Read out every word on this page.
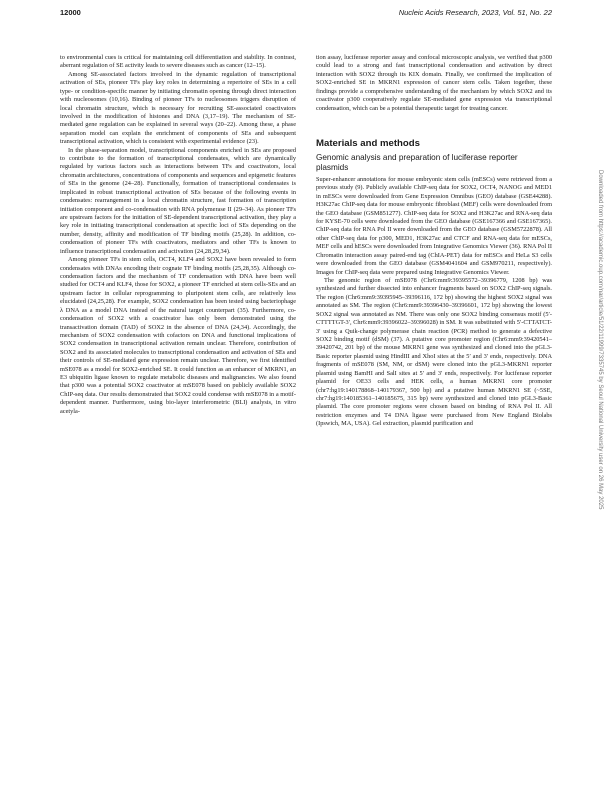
12000	Nucleic Acids Research, 2023, Vol. 51, No. 22

to environmental cues is critical for maintaining cell differentiation and stability. In contrast, aberrant regulation of SE activity leads to severe diseases such as cancer (12–15).

Among SE-associated factors involved in the dynamic regulation of transcriptional activation of SEs, pioneer TFs play key roles in determining a repertoire of SEs in a cell type- or condition-specific manner by initiating chromatin opening through direct interaction with nucleosomes (10,16). Binding of pioneer TFs to nucleosomes triggers disruption of local chromatin structure, which is necessary for recruiting SE-associated coactivators involved in the modification of histones and DNA (3,17–19). The mechanism of SE-mediated gene regulation can be explained in several ways (20–22). Among these, a phase separation model can explain the enrichment of components of SEs and subsequent transcriptional activation, which is consistent with experimental evidence (23).

In the phase-separation model, transcriptional components enriched in SEs are proposed to contribute to the formation of transcriptional condensates, which are dynamically regulated by various factors such as interactions between TFs and coactivators, local chromatin architectures, concentrations of components and sequences and epigenetic features of SEs in the genome (24–28). Functionally, formation of transcriptional condensates is implicated in robust transcriptional activation of SEs because of the following events in condensates: rearrangement in a local chromatin structure, fast formation of transcription initiation component and co-condensation with RNA polymerase II (29–34). As pioneer TFs are upstream factors for the initiation of SE-dependent transcriptional activation, they play a key role in initiating transcriptional condensation at specific loci of SEs depending on the number, density, affinity and modification of TF binding motifs (25,28). In addition, co-condensation of pioneer TFs with coactivators, mediators and other TFs is known to influence transcriptional condensation and activation (24,28,29,34).

Among pioneer TFs in stem cells, OCT4, KLF4 and SOX2 have been revealed to form condensates with DNAs encoding their cognate TF binding motifs (25,28,35). Although co-condensation factors and the mechanism of TF condensation with DNA have been well studied for OCT4 and KLF4, those for SOX2, a pioneer TF enriched at stem cells-SEs and an upstream factor in cellular reprogramming to pluripotent stem cells, are relatively less elucidated (24,25,28). For example, SOX2 condensation has been tested using bacteriophage λ DNA as a model DNA instead of the natural target counterpart (35). Furthermore, co-condensation of SOX2 with a coactivator has only been demonstrated using the transactivation domain (TAD) of SOX2 in the absence of DNA (24,34). Accordingly, the mechanism of SOX2 condensation with cofactors on DNA and functional implications of SOX2 condensation in transcriptional activation remain unclear. Therefore, contribution of SOX2 and its associated molecules to transcriptional condensation and activation of SEs and their controls of SE-mediated gene expression remain unclear. Therefore, we first identified mSE078 as a model for SOX2-enriched SE. It could function as an enhancer of MKRN1, an E3 ubiquitin ligase known to regulate metabolic diseases and malignancies. We also found that p300 was a potential SOX2 coactivator at mSE078 based on publicly available SOX2 ChIP-seq data. Our results demonstrated that SOX2 could condense with mSE078 in a motif-dependent manner. Furthermore, using bio-layer interferometric (BLI) analysis, in vitro acetyla-

tion assay, luciferase reporter assay and confocal microscopic analysis, we verified that p300 could lead to a strong and fast transcriptional condensation and activation by direct interaction with SOX2 through its KIX domain. Finally, we confirmed the implication of SOX2-enriched SE in MKRN1 expression of cancer stem cells. Taken together, these findings provide a comprehensive understanding of the mechanism by which SOX2 and its coactivator p300 cooperatively regulate SE-mediated gene expression via transcriptional condensation, which can be a potential therapeutic target for treating cancer.

Materials and methods
Genomic analysis and preparation of luciferase reporter plasmids

Super-enhancer annotations for mouse embryonic stem cells (mESCs) were retrieved from a previous study (9). Publicly available ChIP-seq data for SOX2, OCT4, NANOG and MED1 in mESCs were downloaded from Gene Expression Omnibus (GEO) database (GSE44288). H3K27ac ChIP-seq data for mouse embryonic fibroblast (MEF) cells were downloaded from the GEO database (GSM851277). ChIP-seq data for SOX2 and H3K27ac and RNA-seq data for KYSE-70 cells were downloaded from the GEO database (GSE167366 and GSE167365). ChIP-seq data for RNA Pol II were downloaded from the GEO database (GSM5722878). All other ChIP-seq data for p300, MED1, H3K27ac and CTCF and RNA-seq data for mESCs, MEF cells and hESCs were downloaded from Integrative Genomics Viewer (36). RNA Pol II Chromatin interaction assay paired-end tag (ChIA-PET) data for mESCs and HeLa S3 cells were downloaded from the GEO database (GSM4041604 and GSM970211, respectively). Images for ChIP-seq data were prepared using Integrative Genomics Viewer.

The genomic region of mSE078 (Chr6:mm9:39395572–39396779, 1208 bp) was synthesized and further dissected into enhancer fragments based on SOX2 ChIP-seq signals. The region (Chr6:mm9:39395945–39396116, 172 bp) showing the highest SOX2 signal was annotated as SM. The region (Chr6:mm9:39396430–39396601, 172 bp) showing the lowest SOX2 signal was annotated as NM. There was only one SOX2 binding consensus motif (5′-CTTTTGT-3′, Chr6:mm9:39396022–39396028) in SM. It was substituted with 5′-CTTATCT-3′ using a Quik-change polymerase chain reaction (PCR) method to generate a defective SOX2 binding motif (dSM) (37). A putative core promoter region (Chr6:mm9:39420541–39420742, 201 bp) of the mouse MKRN1 gene was synthesized and cloned into the pGL3-Basic reporter plasmid using HindIII and XhoI sites at the 5′ and 3′ ends, respectively. DNA fragments of mSE078 (SM, NM, or dSM) were cloned into the pGL3-MKRN1 reporter plasmid using BamHI and SalI sites at 5′ and 3′ ends, respectively. For luciferase reporter plasmid for OE33 cells and HEK cells, a human MKRN1 core promoter (chr7:hg19:140178868–140179367, 500 bp) and a putative human MKRN1 SE (~5SE, chr7:hg19:140185361–140185675, 315 bp) were synthesized and cloned into pGL3-Basic plasmid. The core promoter regions were chosen based on binding of RNA Pol II. All restriction enzymes and T4 DNA ligase were purchased from New England Biolabs (Ipswich, MA, USA). Gel extraction, plasmid purification and	Downloaded from https://academic.oup.com/nar/article/51/22/11999/7335745 by Seoul National University user on 26 May 2025
